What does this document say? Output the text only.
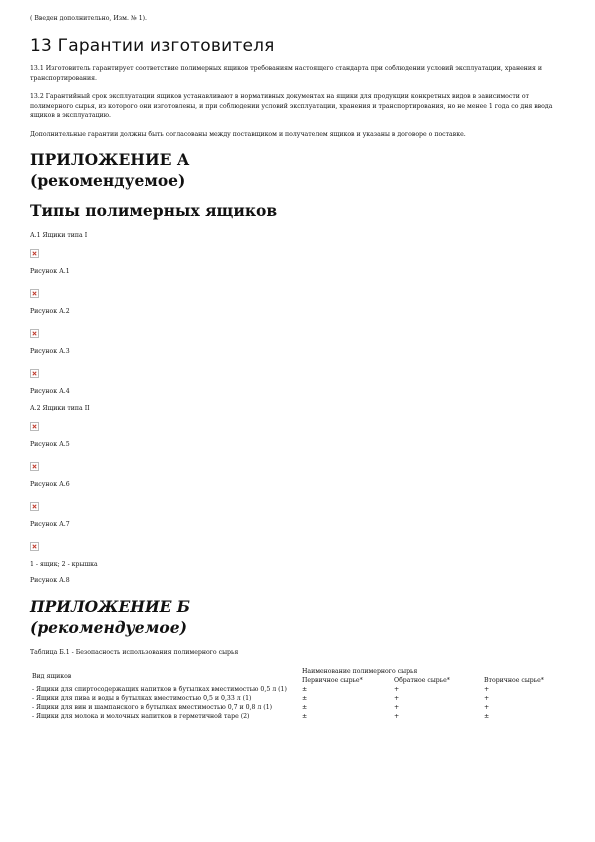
( Введен дополнительно, Изм. № 1).

13 Гарантии изготовителя

13.1 Изготовитель гарантирует соответствие полимерных ящиков требованиям настоящего стандарта при соблюдении условий эксплуатации, хранения и транспортирования.

13.2 Гарантийный срок эксплуатации ящиков устанавливают в нормативных документах на ящики для продукции конкретных видов в зависимости от полимерного сырья, из которого они изготовлены, и при соблюдении условий эксплуатации, хранения и транспортирования, но не менее 1 года со дня ввода ящиков в эксплуатацию.

Дополнительные гарантии должны быть согласованы между поставщиком и получателем ящиков и указаны в договоре о поставке.

ПРИЛОЖЕНИЕ А
(рекомендуемое)
Типы полимерных ящиков

А.1 Ящики типа I

Рисунок А.1

Рисунок А.2

Рисунок А.3

Рисунок А.4

А.2 Ящики типа II

Рисунок А.5

Рисунок А.6

Рисунок А.7

1 - ящик; 2 - крышка

Рисунок А.8

ПРИЛОЖЕНИЕ Б
(рекомендуемое)

Таблица Б.1 - Безопасность использования полимерного сырья

Вид ящиков	Наименование полимерного сырья		
	Первичное сырье*	Обратное сырье*	Вторичное сырье*
- Ящики для спиртосодержащих напитков в бутылках вместимостью 0,5 л (1)	±	+	+
- Ящики для пива и воды в бутылках вместимостью 0,5 и 0,33 л (1)	±	+	+
- Ящики для вин и шампанского в бутылках вместимостью 0,7 и 0,8 л (1)	±	+	+
- Ящики для молока и молочных напитков в герметичной таре (2)	±	+	±
